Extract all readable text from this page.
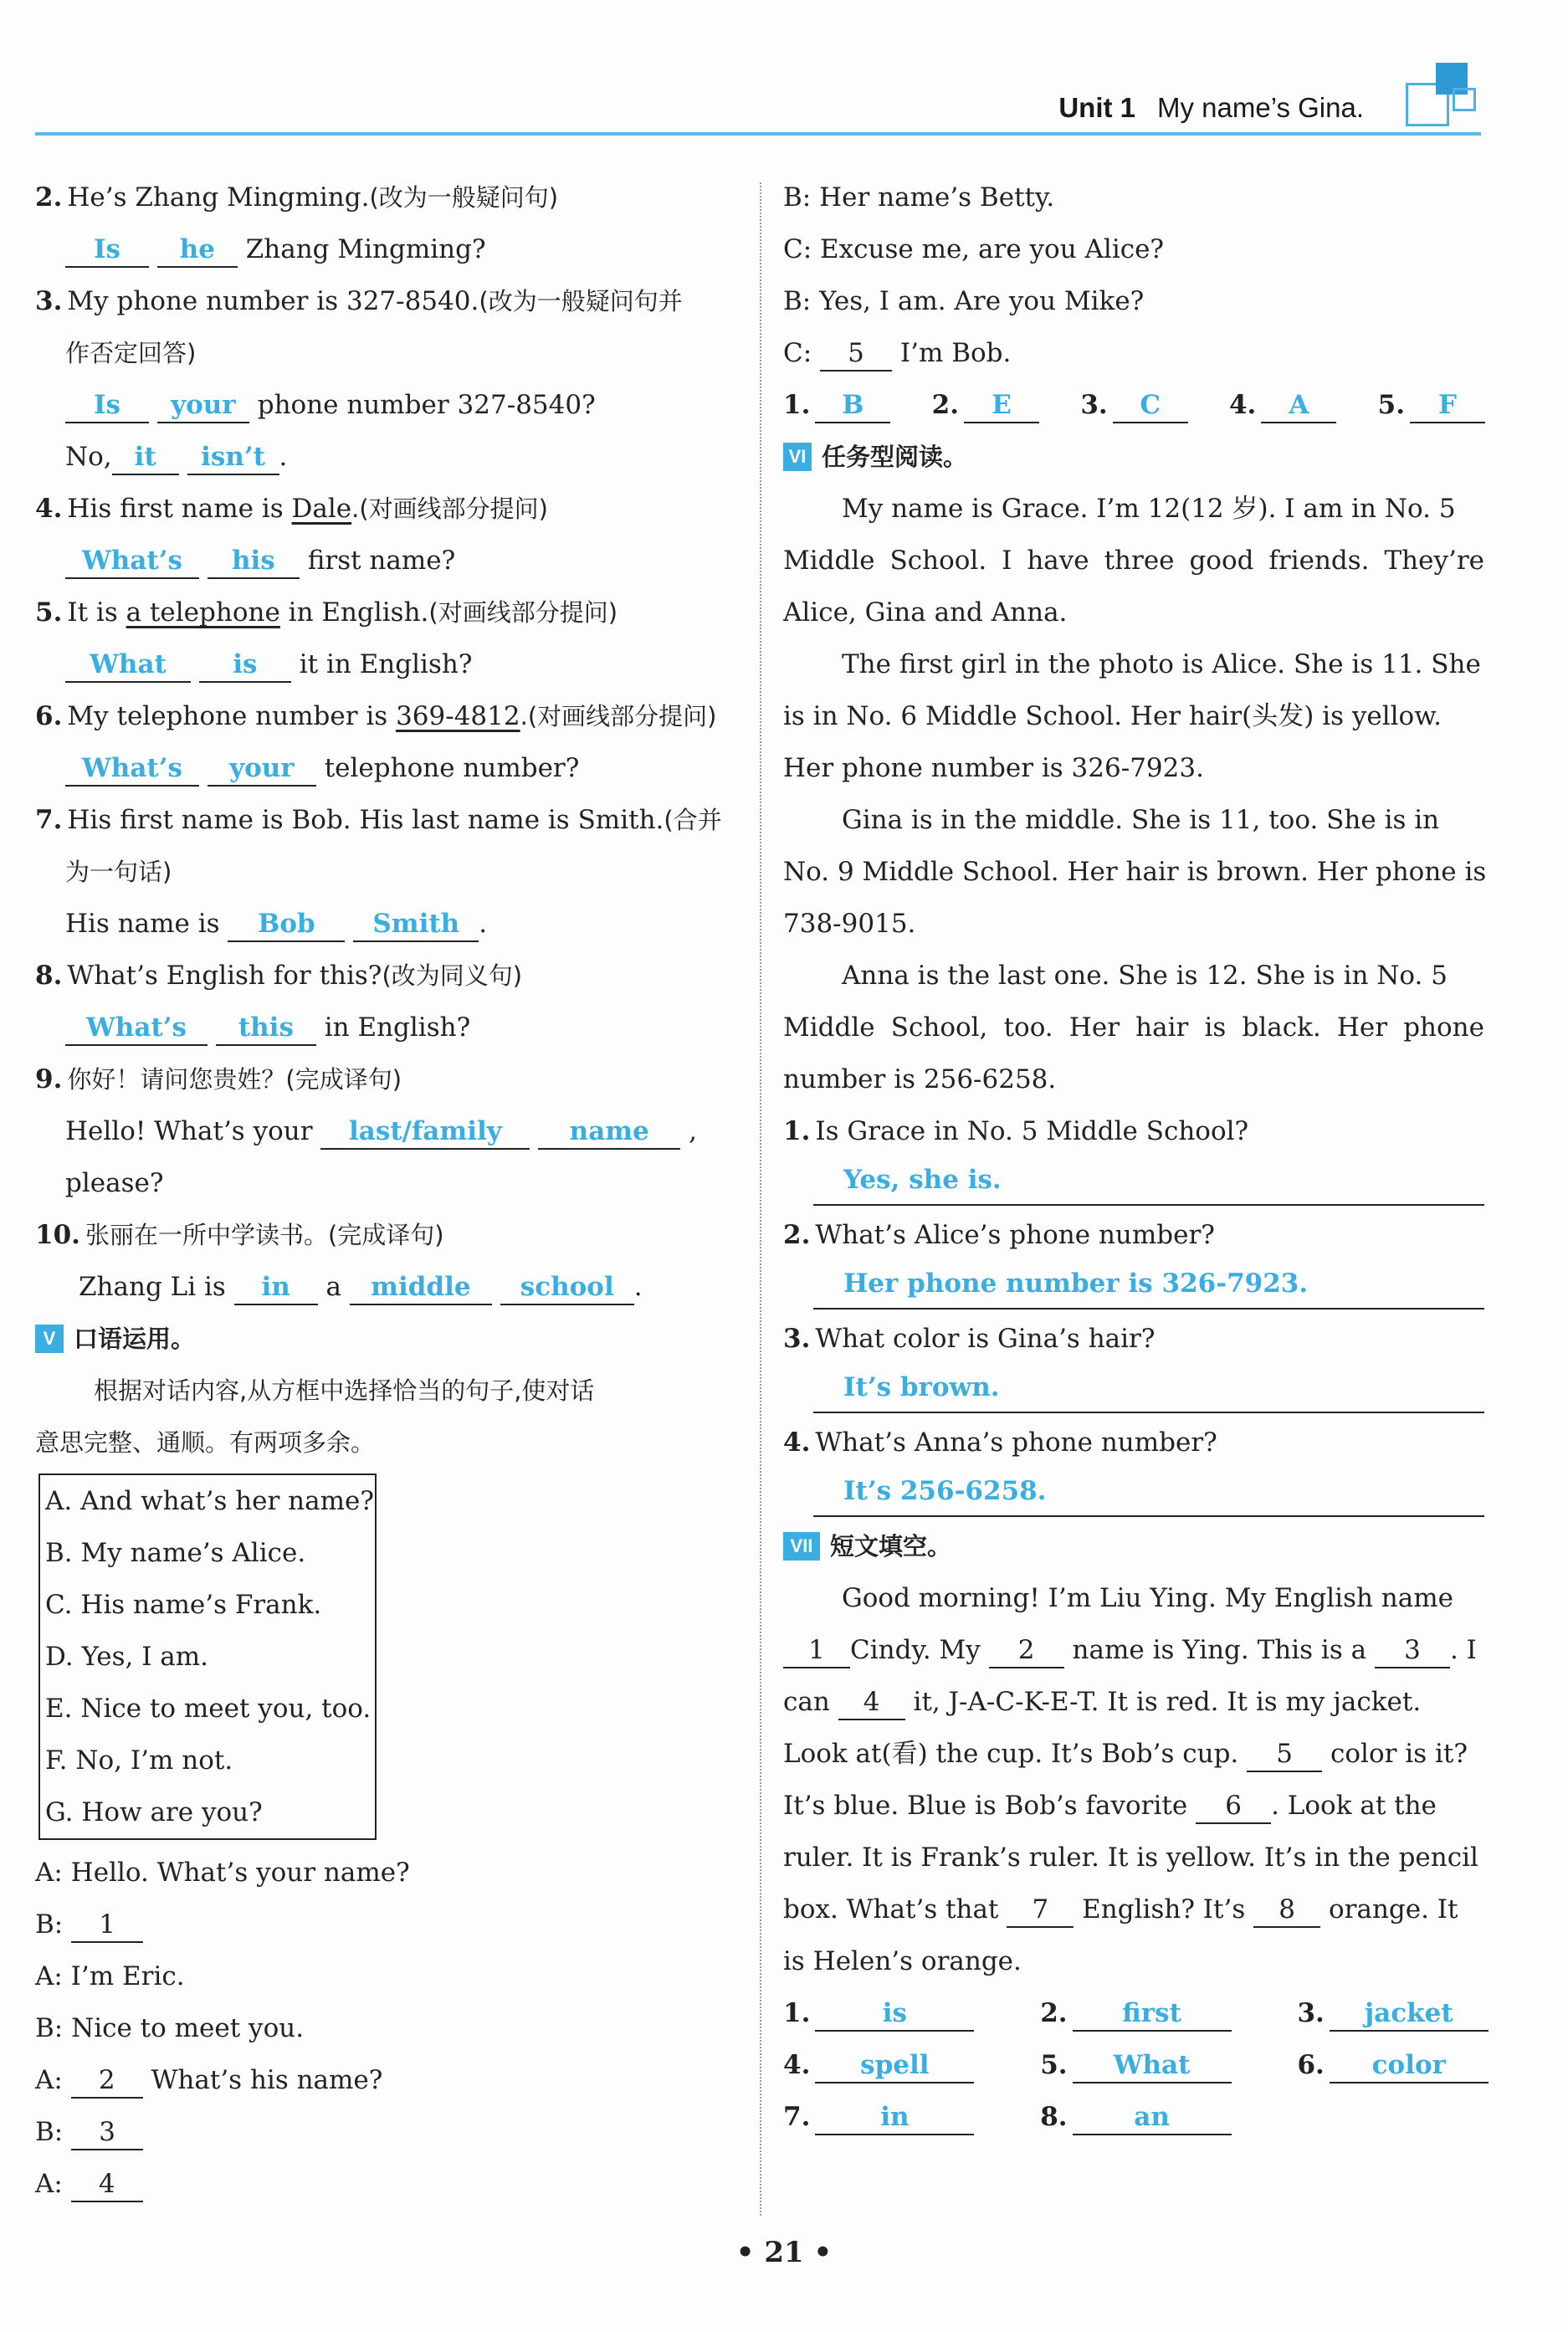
Unit 1 My name’s Gina.
2. He’s Zhang Mingming.(改为一般疑问句)
Is he Zhang Mingming?
3. My phone number is 327-8540.(改为一般疑问句并
作否定回答)
Is your phone number 327-8540?
No, it isn’t .
4. His first name is Dale.(对画线部分提问)
What’s his first name?
5. It is a telephone in English.(对画线部分提问)
What	is it in English?
6. My telephone number is 369-4812.(对画线部分提问)
What’s your telephone number?
7. His first name is Bob. His last name is Smith.(合并
为一句话)
His name is Bob Smith .
8. What’s English for this?(改为同义句)
What’s this in English?
9. 你好！请问您贵姓？(完成译句)
Hello! What’s your last/family	name ,
please?
10. 张丽在一所中学读书。(完成译句)
Zhang Li is in a middle school .
V 口语运用。
根据对话内容,从方框中选择恰当的句子,使对话
意思完整、通顺。有两项多余。
A. And what’s her name?
B. My name’s Alice.
C. His name’s Frank.
D. Yes, I am.
E. Nice to meet you, too.
F. No, I’m not.
G. How are you?
A: Hello. What’s your name?
B: 1
A: I’m Eric.
B: Nice to meet you.
A: 2 What’s his name?
B: 3
A: 4
B: Her name’s Betty.
C: Excuse me, are you Alice?
B: Yes, I am. Are you Mike?
C: 5 I’m Bob.
1. B	2. E	3. C	4. A	5. F
VI 任务型阅读。
My name is Grace. I’m 12(12 岁). I am in No. 5
Middle School. I have three good friends. They’re
Alice, Gina and Anna.
The first girl in the photo is Alice. She is 11. She
is in No. 6 Middle School. Her hair(头发) is yellow.
Her phone number is 326-7923.
Gina is in the middle. She is 11, too. She is in
No. 9 Middle School. Her hair is brown. Her phone is
738-9015.
Anna is the last one. She is 12. She is in No. 5
Middle School, too. Her hair is black. Her phone
number is 256-6258.
1. Is Grace in No. 5 Middle School?
Yes, she is.
2. What’s Alice’s phone number?
Her phone number is 326-7923.
3. What color is Gina’s hair?
It’s brown.
4. What’s Anna’s phone number?
It’s 256-6258.
VII 短文填空。
Good morning! I’m Liu Ying. My English name
1 Cindy. My 2 name is Ying. This is a 3 . I
can 4 it, J-A-C-K-E-T. It is red. It is my jacket.
Look at(看) the cup. It’s Bob’s cup. 5 color is it?
It’s blue. Blue is Bob’s favorite 6 . Look at the
ruler. It is Frank’s ruler. It is yellow. It’s in the pencil
box. What’s that 7 English? It’s 8 orange. It
is Helen’s orange.
1.	is	2. first	3. jacket
4. spell	5. What	6. color
7.	in	8.	an
• 21 •
